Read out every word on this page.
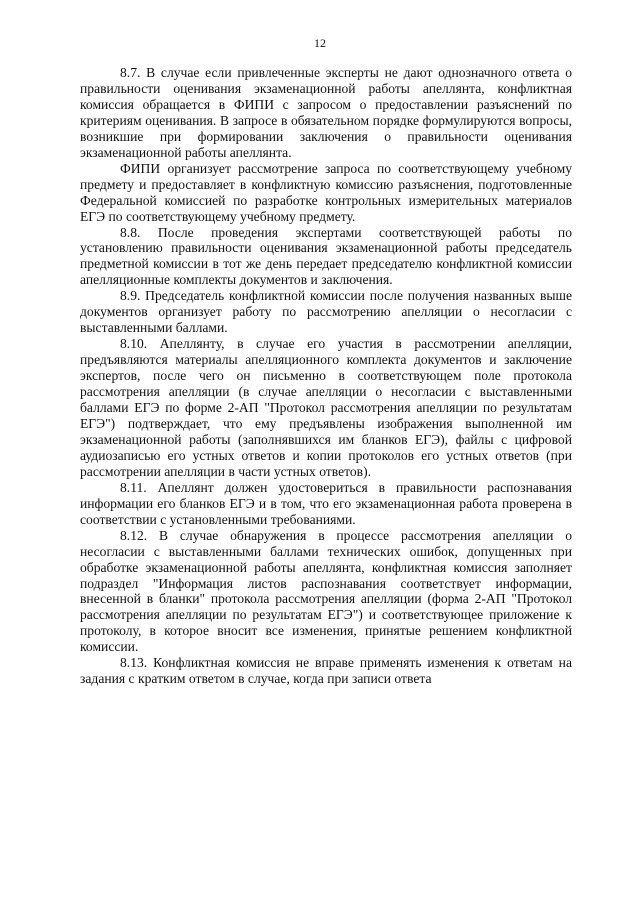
12

8.7. В случае если привлеченные эксперты не дают однозначного ответа о правильности оценивания экзаменационной работы апеллянта, конфликтная комиссия обращается в ФИПИ с запросом о предоставлении разъяснений по критериям оценивания. В запросе в обязательном порядке формулируются вопросы, возникшие при формировании заключения о правильности оценивания экзаменационной работы апеллянта.

ФИПИ организует рассмотрение запроса по соответствующему учебному предмету и предоставляет в конфликтную комиссию разъяснения, подготовленные Федеральной комиссией по разработке контрольных измерительных материалов ЕГЭ по соответствующему учебному предмету.

8.8. После проведения экспертами соответствующей работы по установлению правильности оценивания экзаменационной работы председатель предметной комиссии в тот же день передает председателю конфликтной комиссии апелляционные комплекты документов и заключения.

8.9. Председатель конфликтной комиссии после получения названных выше документов организует работу по рассмотрению апелляции о несогласии с выставленными баллами.

8.10. Апеллянту, в случае его участия в рассмотрении апелляции, предъявляются материалы апелляционного комплекта документов и заключение экспертов, после чего он письменно в соответствующем поле протокола рассмотрения апелляции (в случае апелляции о несогласии с выставленными баллами ЕГЭ по форме 2-АП "Протокол рассмотрения апелляции по результатам ЕГЭ") подтверждает, что ему предъявлены изображения выполненной им экзаменационной работы (заполнявшихся им бланков ЕГЭ), файлы с цифровой аудиозаписью его устных ответов и копии протоколов его устных ответов (при рассмотрении апелляции в части устных ответов).

8.11. Апеллянт должен удостовериться в правильности распознавания информации его бланков ЕГЭ и в том, что его экзаменационная работа проверена в соответствии с установленными требованиями.

8.12. В случае обнаружения в процессе рассмотрения апелляции о несогласии с выставленными баллами технических ошибок, допущенных при обработке экзаменационной работы апеллянта, конфликтная комиссия заполняет подраздел "Информация листов распознавания соответствует информации, внесенной в бланки" протокола рассмотрения апелляции (форма 2-АП "Протокол рассмотрения апелляции по результатам ЕГЭ") и соответствующее приложение к протоколу, в которое вносит все изменения, принятые решением конфликтной комиссии.

8.13. Конфликтная комиссия не вправе применять изменения к ответам на задания с кратким ответом в случае, когда при записи ответа
